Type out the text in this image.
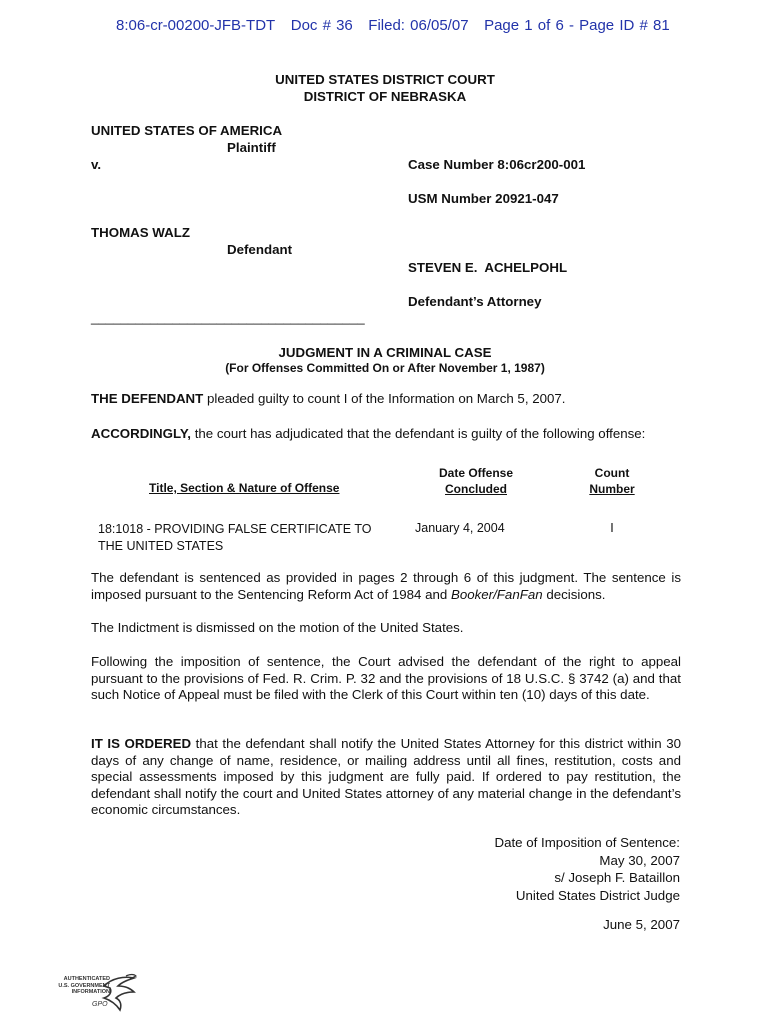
8:06-cr-00200-JFB-TDT Doc # 36 Filed: 06/05/07 Page 1 of 6 - Page ID # 81
UNITED STATES DISTRICT COURT
DISTRICT OF NEBRASKA
UNITED STATES OF AMERICA
Plaintiff
v.
THOMAS WALZ
Defendant
_____________________________________
Case Number 8:06cr200-001
USM Number 20921-047
STEVEN E.  ACHELPOHL
Defendant’s Attorney
JUDGMENT IN A CRIMINAL CASE
(For Offenses Committed On or After November 1, 1987)
THE DEFENDANT pleaded guilty to count I of the Information on March 5, 2007.
ACCORDINGLY, the court has adjudicated that the defendant is guilty of the following offense:
Title, Section & Nature of Offense
Date Offense
Concluded
Count
Number
18:1018 - PROVIDING FALSE CERTIFICATE TO
THE UNITED STATES
January 4, 2004	I
The defendant is sentenced as provided in pages 2 through 6 of this judgment. The sentence is imposed pursuant to the Sentencing Reform Act of 1984 and Booker/FanFan decisions.
The Indictment is dismissed on the motion of the United States.
Following the imposition of sentence, the Court advised the defendant of the right to appeal pursuant to the provisions of Fed. R. Crim. P. 32 and the provisions of 18 U.S.C. § 3742 (a) and that such Notice of Appeal must be filed with the Clerk of this Court within ten (10) days of this date.
IT IS ORDERED that the defendant shall notify the United States Attorney for this district within 30 days of any change of name, residence, or mailing address until all fines, restitution, costs and special assessments imposed by this judgment are fully paid. If ordered to pay restitution, the defendant shall notify the court and United States attorney of any material change in the defendant’s economic circumstances.
Date of Imposition of Sentence:
May 30, 2007
s/ Joseph F. Bataillon
United States District Judge
June 5, 2007
AUTHENTICATED
U.S. GOVERNMENT
INFORMATION
GPO
